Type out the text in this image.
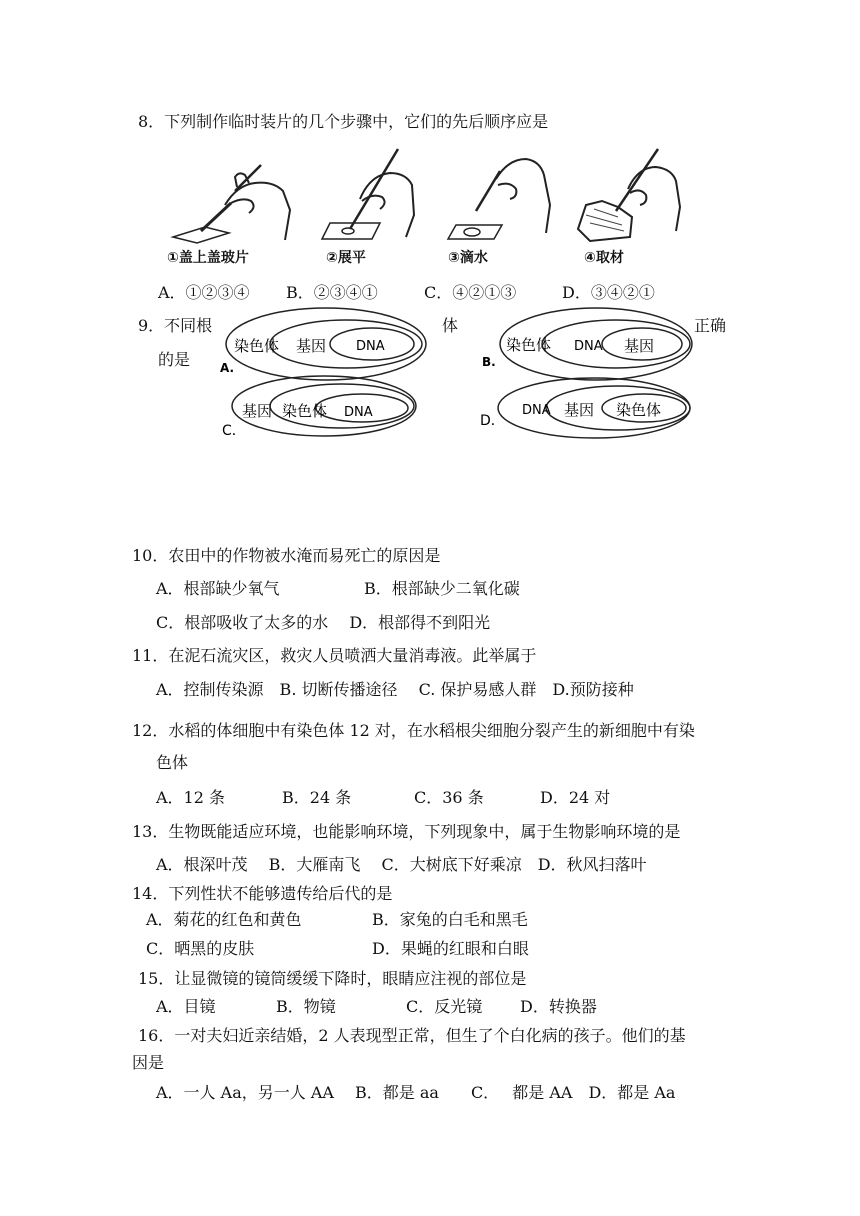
8．下列制作临时装片的几个步骤中，它们的先后顺序应是
①盖上盖玻片	②展平	③滴水	④取材
A．①②③④ B．②③④①	C．④②①③	D．③④②①
9．不同根	体	正确
的是
染色体 基因 DNA
A.
染色体 DNA 基因
B.
基因 染色体 DNA
C．
DNA 基因 染色体
D．
10．农田中的作物被水淹而易死亡的原因是
A．根部缺少氧气	B．根部缺少二氧化碳
C．根部吸收了太多的水　 D．根部得不到阳光
11．在泥石流灾区，救灾人员喷洒大量消毒液。此举属于
A．控制传染源　B. 切断传播途径　 C. 保护易感人群　D.预防接种
12．水稻的体细胞中有染色体 12 对，在水稻根尖细胞分裂产生的新细胞中有染
色体
A．12 条	B．24 条	C．36 条	D．24 对
13．生物既能适应环境，也能影响环境，下列现象中，属于生物影响环境的是
A．根深叶茂　 B．大雁南飞　 C．大树底下好乘凉　D．秋风扫落叶
14．下列性状不能够遗传给后代的是
A．菊花的红色和黄色	B．家兔的白毛和黑毛
C．晒黑的皮肤	D．果蝇的红眼和白眼
15．让显微镜的镜筒缓缓下降时，眼睛应注视的部位是
A．目镜	B．物镜	C．反光镜 D．转换器
16．一对夫妇近亲结婚，2 人表现型正常，但生了个白化病的孩子。他们的基
因是
A．一人 Aa，另一人 AA　 B．都是 aa　　C．　 都是 AA　D．都是 Aa
